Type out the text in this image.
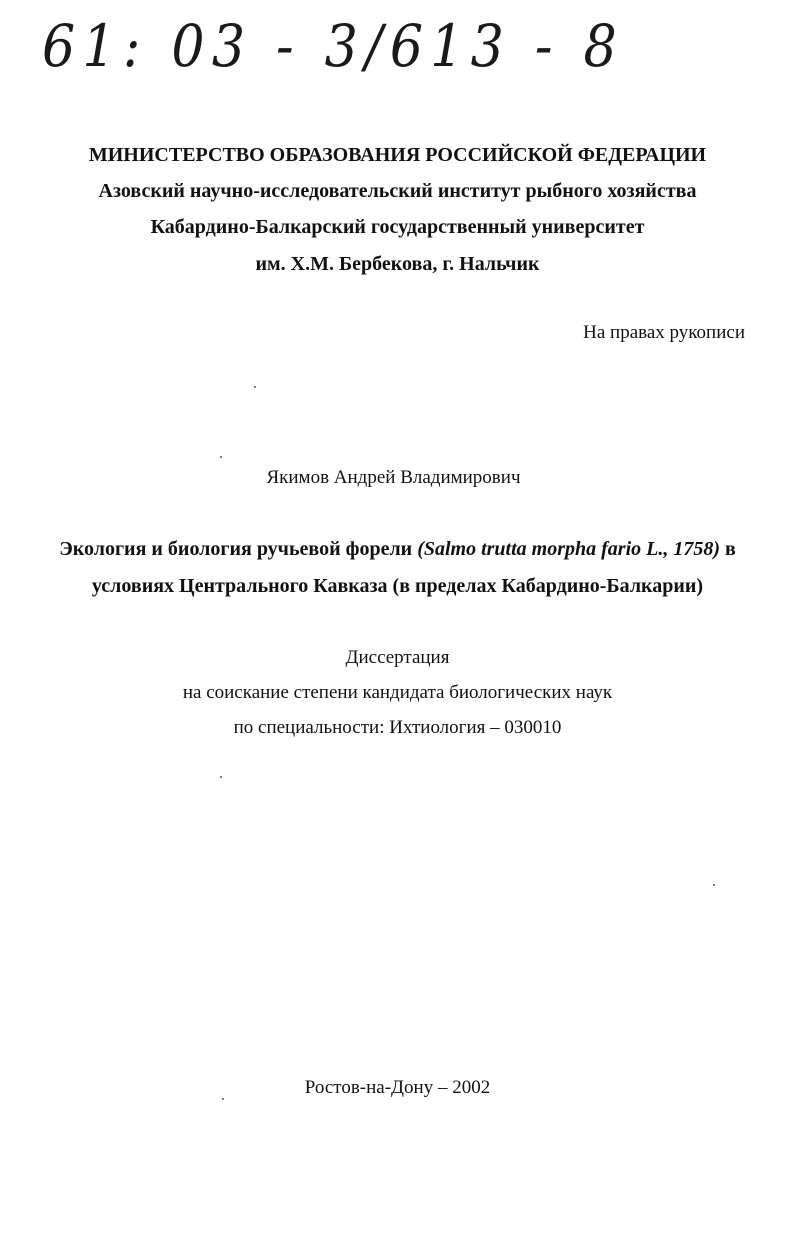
61: 03 - 3/613 - 8
МИНИСТЕРСТВО ОБРАЗОВАНИЯ РОССИЙСКОЙ ФЕДЕРАЦИИ
Азовский научно-исследовательский институт рыбного хозяйства
Кабардино-Балкарский государственный университет
им. Х.М. Бербекова, г. Нальчик
На правах рукописи
Якимов Андрей Владимирович
Экология и биология ручьевой форели (Salmo trutta morpha fario L., 1758) в
условиях Центрального Кавказа (в пределах Кабардино-Балкарии)
Диссертация
на соискание степени кандидата биологических наук
по специальности: Ихтиология – 030010
Ростов-на-Дону – 2002
